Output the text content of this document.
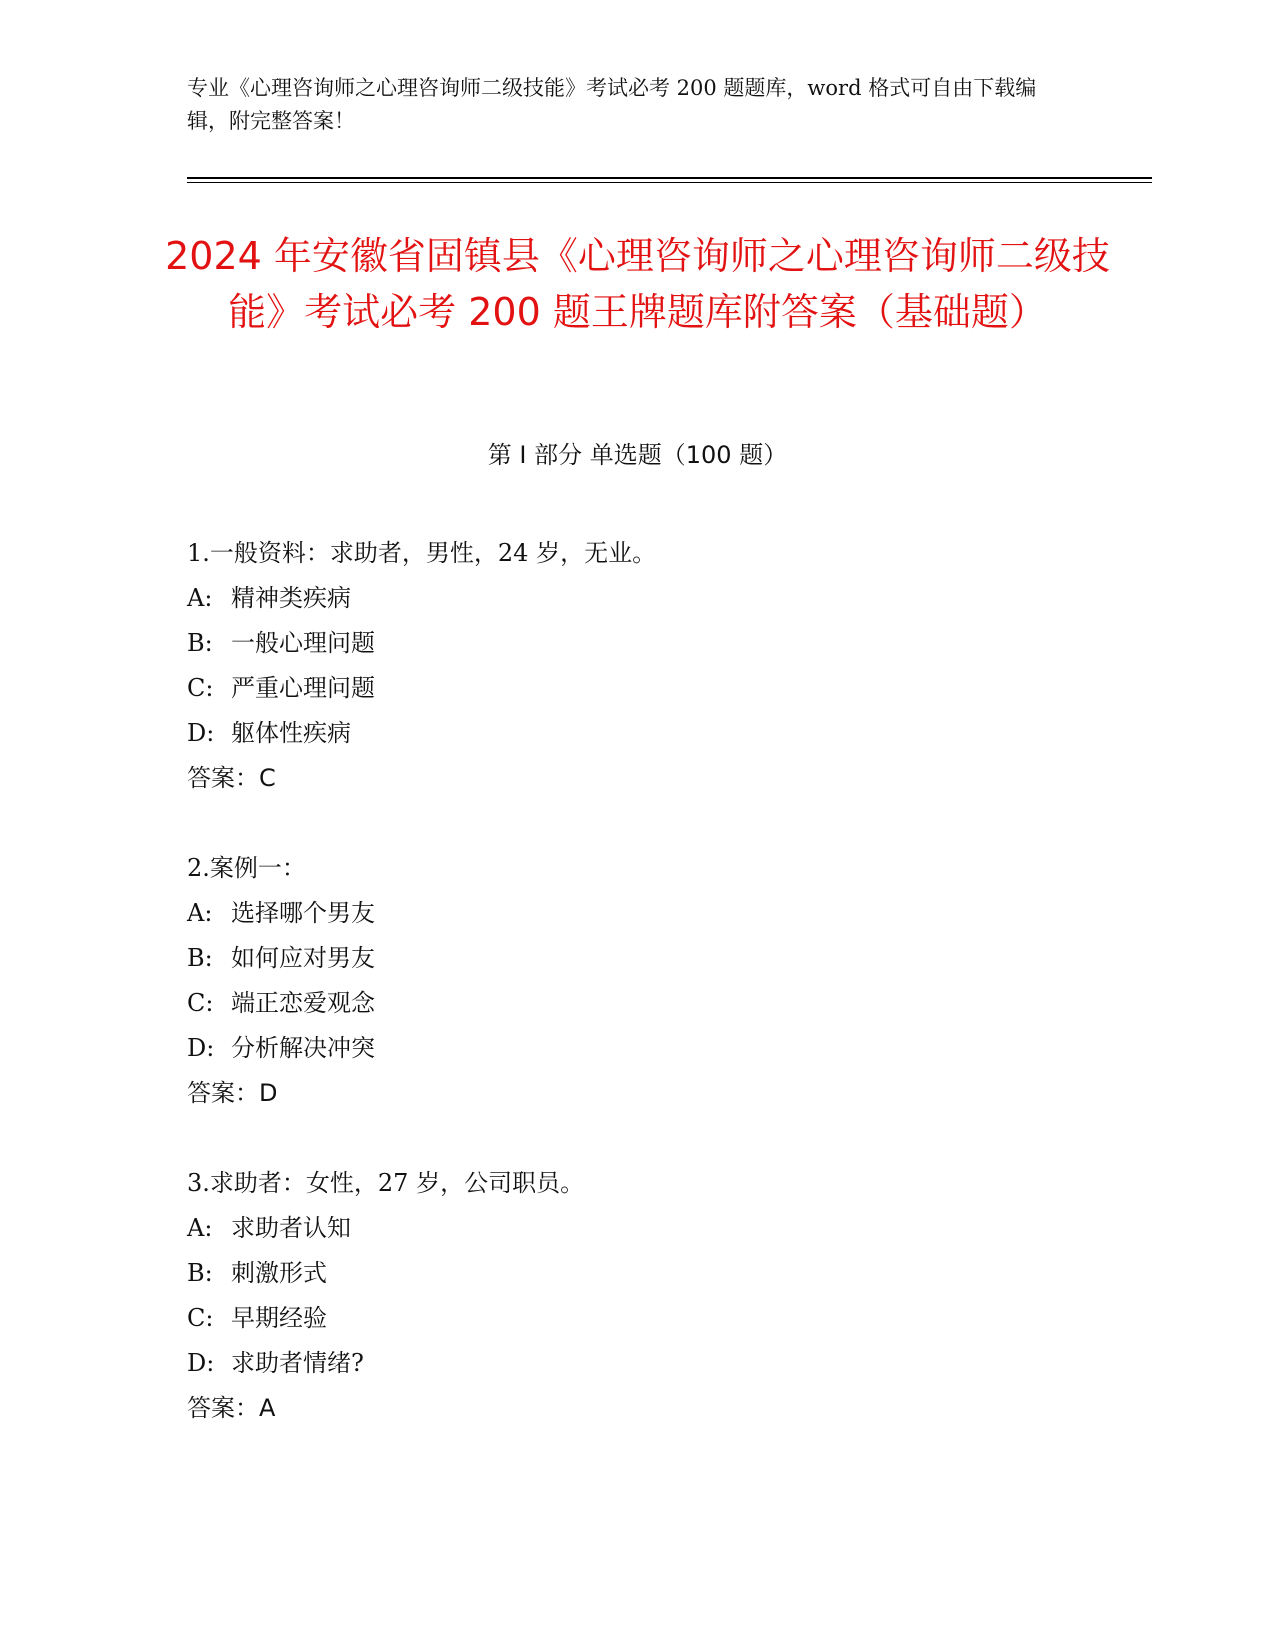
专业《心理咨询师之心理咨询师二级技能》考试必考 200 题题库，word 格式可自由下载编辑，附完整答案！
2024 年安徽省固镇县《心理咨询师之心理咨询师二级技能》考试必考 200 题王牌题库附答案（基础题）
第 I 部分 单选题（100 题）
1.一般资料：求助者，男性，24 岁，无业。
A: 精神类疾病
B: 一般心理问题
C: 严重心理问题
D: 躯体性疾病
答案：C
2.案例一：
A: 选择哪个男友
B: 如何应对男友
C: 端正恋爱观念
D: 分析解决冲突
答案：D
3.求助者：女性，27 岁，公司职员。
A: 求助者认知
B: 刺激形式
C: 早期经验
D: 求助者情绪?
答案：A
